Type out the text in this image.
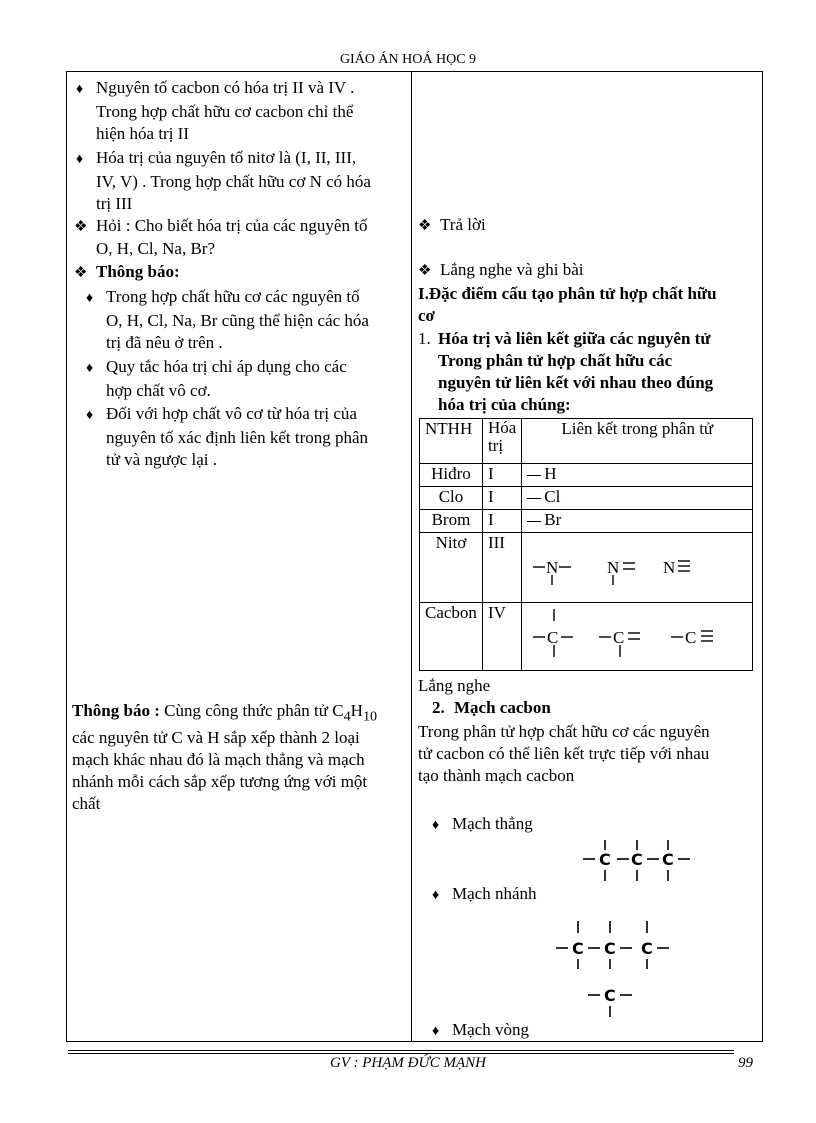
GIÁO ÁN HOÁ HỌC 9
♦ Nguyên tố cacbon có hóa trị II và IV .
Trong hợp chất hữu cơ cacbon chỉ thể
hiện hóa trị II
♦ Hóa trị của nguyên tố nitơ là (I, II, III,
IV, V) . Trong hợp chất hữu cơ N có hóa
trị III
❖ Hỏi : Cho biết hóa trị của các nguyên tố
O, H, Cl, Na, Br?
❖ Thông báo:
♦ Trong hợp chất hữu cơ các nguyên tố
O, H, Cl, Na, Br cũng thể hiện các hóa
trị đã nêu ở trên .
♦ Quy tắc hóa trị chỉ áp dụng cho các
hợp chất vô cơ.
♦ Đối với hợp chất vô cơ từ hóa trị của
nguyên tố xác định liên kết trong phân
tử và ngược lại .
Thông báo : Cùng công thức phân tử $C_4H_{10}$
các nguyên tử C và H sắp xếp thành 2 loại
mạch khác nhau đó là mạch thẳng và mạch
nhánh mỗi cách sắp xếp tương ứng với một
chất
❖ Trả lời
❖ Lắng nghe và ghi bài
I.Đặc điểm cấu tạo phân tử hợp chất hữu
cơ
1. Hóa trị và liên kết giữa các nguyên tử
Trong phân tử hợp chất hữu các
nguyên tử liên kết với nhau theo đúng
hóa trị của chúng:
NTHH	Hóa trị	Liên kết trong phân tử
Hiđro	I	H
Clo	I	Cl
Brom	I	Br
Nitơ	III	N N N

Cacbon	IV	C C C
Lắng nghe
2. Mạch cacbon
Trong phân tử hợp chất hữu cơ các nguyên
tử cacbon có thể liên kết trực tiếp với nhau
tạo thành mạch cacbon
♦ Mạch thẳng
C C C
♦ Mạch nhánh
C C C
C
♦ Mạch vòng
GV : PHẠM ĐỨC MẠNH	99
